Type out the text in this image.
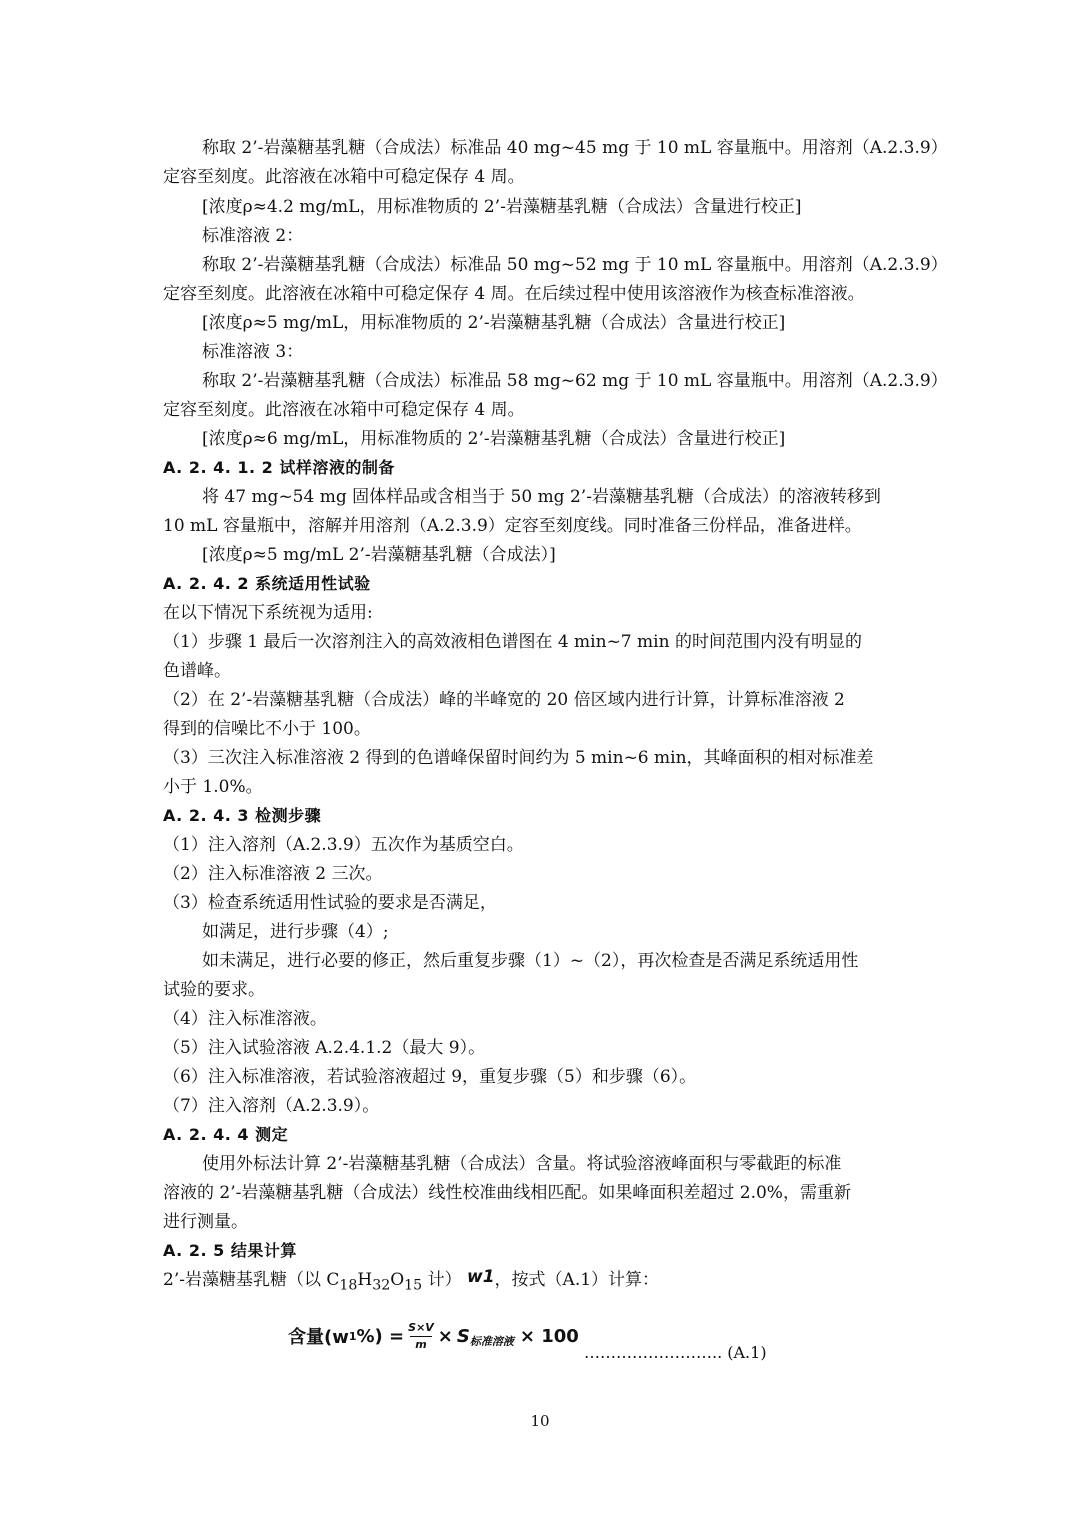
称取 2’-岩藻糖基乳糖（合成法）标准品 40 mg~45 mg 于 10 mL 容量瓶中。用溶剂（A.2.3.9）
定容至刻度。此溶液在冰箱中可稳定保存 4 周。
[浓度ρ≈4.2 mg/mL，用标准物质的 2’-岩藻糖基乳糖（合成法）含量进行校正]
标准溶液 2：
称取 2’-岩藻糖基乳糖（合成法）标准品 50 mg~52 mg 于 10 mL 容量瓶中。用溶剂（A.2.3.9）
定容至刻度。此溶液在冰箱中可稳定保存 4 周。在后续过程中使用该溶液作为核查标准溶液。
[浓度ρ≈5 mg/mL，用标准物质的 2’-岩藻糖基乳糖（合成法）含量进行校正]
标准溶液 3：
称取 2’-岩藻糖基乳糖（合成法）标准品 58 mg~62 mg 于 10 mL 容量瓶中。用溶剂（A.2.3.9）
定容至刻度。此溶液在冰箱中可稳定保存 4 周。
[浓度ρ≈6 mg/mL，用标准物质的 2’-岩藻糖基乳糖（合成法）含量进行校正]
A. 2. 4. 1. 2 试样溶液的制备
将 47 mg~54 mg 固体样品或含相当于 50 mg 2’-岩藻糖基乳糖（合成法）的溶液转移到
10 mL 容量瓶中，溶解并用溶剂（A.2.3.9）定容至刻度线。同时准备三份样品，准备进样。
[浓度ρ≈5 mg/mL 2’-岩藻糖基乳糖（合成法）]
A. 2. 4. 2 系统适用性试验
在以下情况下系统视为适用:
（1）步骤 1 最后一次溶剂注入的高效液相色谱图在 4 min~7 min 的时间范围内没有明显的
色谱峰。
（2）在 2’-岩藻糖基乳糖（合成法）峰的半峰宽的 20 倍区域内进行计算，计算标准溶液 2
得到的信噪比不小于 100。
（3）三次注入标准溶液 2 得到的色谱峰保留时间约为 5 min~6 min，其峰面积的相对标准差
小于 1.0%。
A. 2. 4. 3 检测步骤
（1）注入溶剂（A.2.3.9）五次作为基质空白。
（2）注入标准溶液 2 三次。
（3）检查系统适用性试验的要求是否满足，
如满足，进行步骤（4）;
如未满足，进行必要的修正，然后重复步骤（1）~（2），再次检查是否满足系统适用性
试验的要求。
（4）注入标准溶液。
（5）注入试验溶液 A.2.4.1.2（最大 9）。
（6）注入标准溶液，若试验溶液超过 9，重复步骤（5）和步骤（6）。
（7）注入溶剂（A.2.3.9）。
A. 2. 4. 4 测定
使用外标法计算 2’-岩藻糖基乳糖（合成法）含量。将试验溶液峰面积与零截距的标准
溶液的 2’-岩藻糖基乳糖（合成法）线性校准曲线相匹配。如果峰面积差超过 2.0%，需重新
进行测量。
A. 2. 5 结果计算
2’-岩藻糖基乳糖（以 $C_{18}H_{32}O_{15}$ 计） w1，按式（A.1）计算：
含量(w 1 %) = $\frac{S\times V}{m} \times S$ 标准溶液 × 100
…………………….. (A.1)
10
